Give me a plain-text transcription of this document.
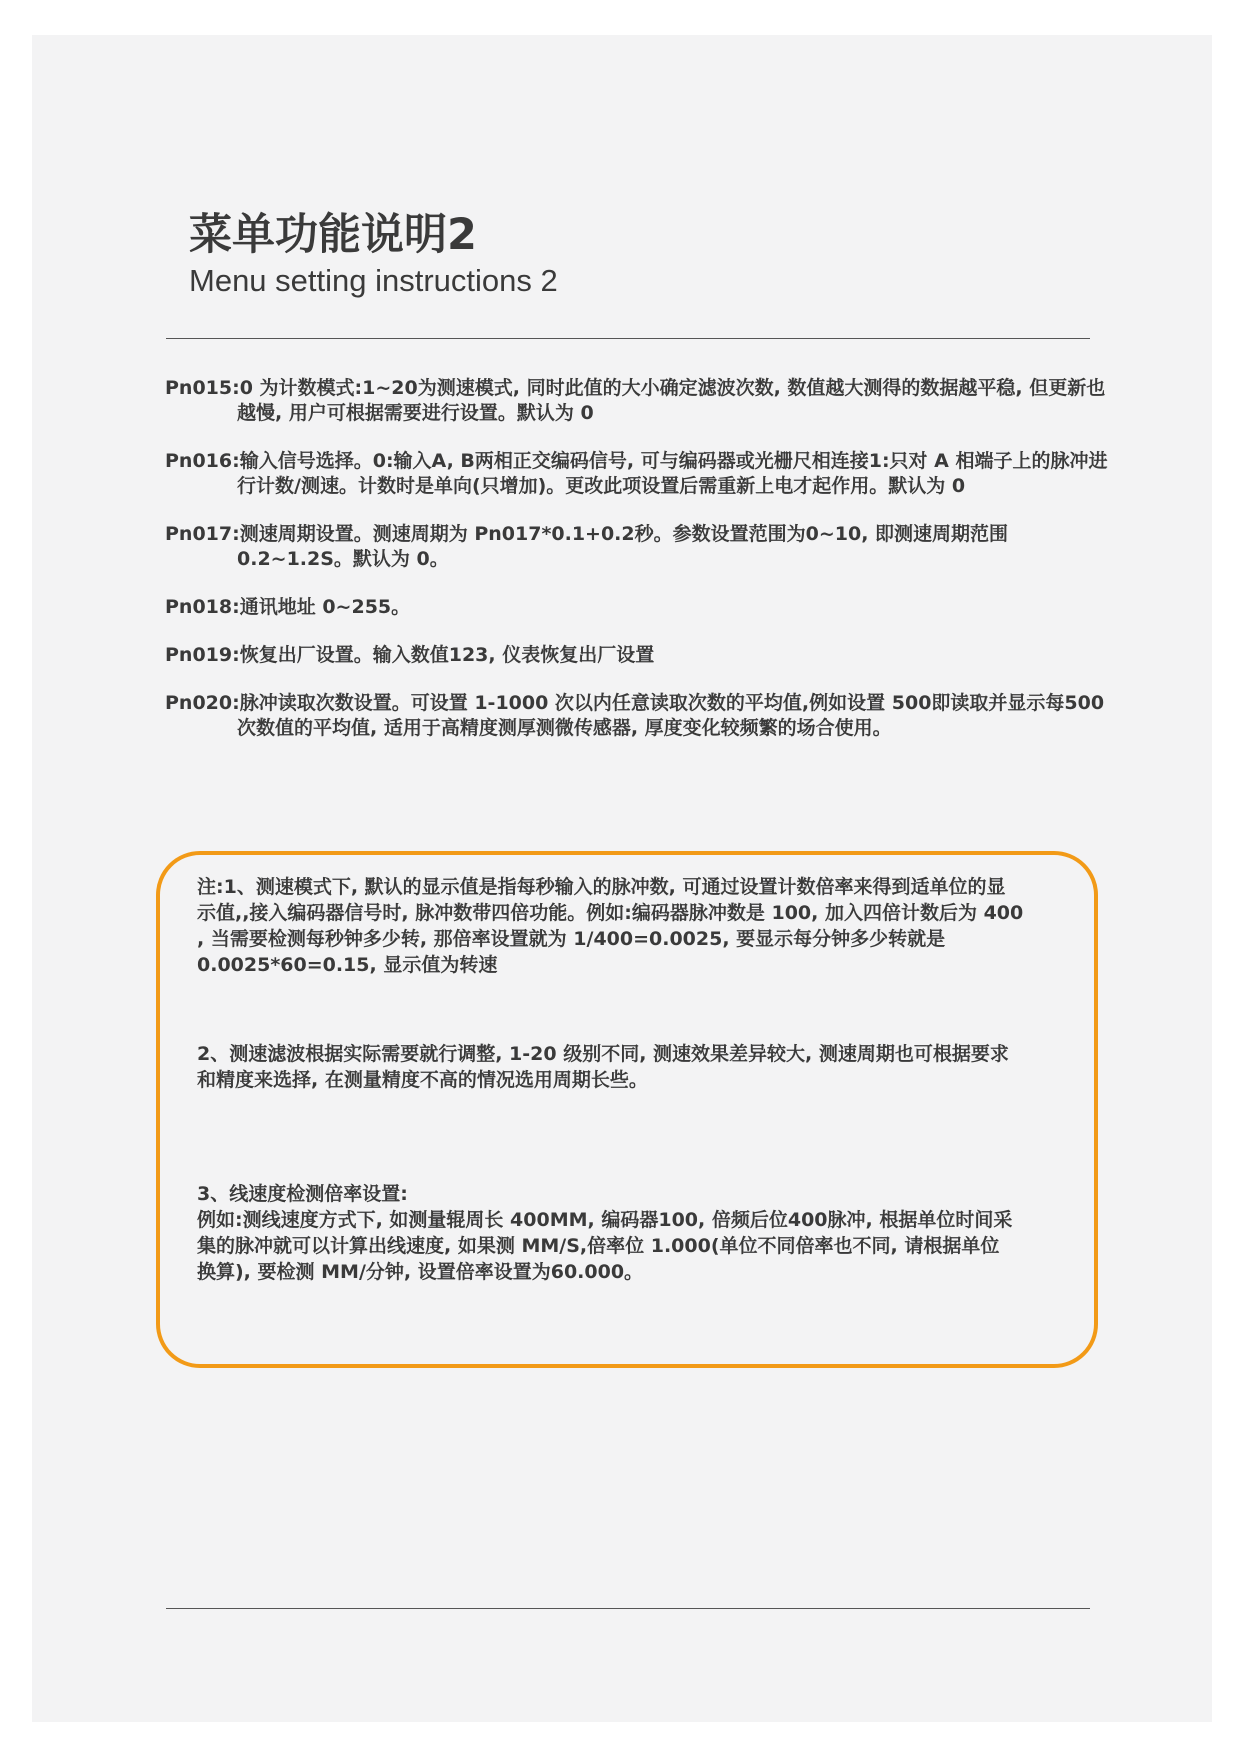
菜单功能说明2
Menu setting instructions 2
Pn015:0 为计数模式:1~20为测速模式, 同时此值的大小确定滤波次数, 数值越大测得的数据越平稳, 但更新也越慢, 用户可根据需要进行设置。默认为 0
Pn016:输入信号选择。0:输入A, B两相正交编码信号, 可与编码器或光栅尺相连接1:只对 A 相端子上的脉冲进行计数/测速。计数时是单向(只增加)。更改此项设置后需重新上电才起作用。默认为 0
Pn017:测速周期设置。测速周期为 Pn017*0.1+0.2秒。参数设置范围为0~10, 即测速周期范围 0.2~1.2S。默认为 0。
Pn018:通讯地址 0~255。
Pn019:恢复出厂设置。输入数值123, 仪表恢复出厂设置
Pn020:脉冲读取次数设置。可设置 1-1000 次以内任意读取次数的平均值,例如设置 500即读取并显示每500 次数值的平均值, 适用于高精度测厚测微传感器, 厚度变化较频繁的场合使用。
注:1、测速模式下, 默认的显示值是指每秒输入的脉冲数, 可通过设置计数倍率来得到适单位的显
示值,,接入编码器信号时, 脉冲数带四倍功能。例如:编码器脉冲数是 100, 加入四倍计数后为 400
, 当需要检测每秒钟多少转, 那倍率设置就为 1/400=0.0025, 要显示每分钟多少转就是
0.0025*60=0.15, 显示值为转速
2、测速滤波根据实际需要就行调整, 1-20 级别不同, 测速效果差异较大, 测速周期也可根据要求
和精度来选择, 在测量精度不高的情况选用周期长些。
3、线速度检测倍率设置:
例如:测线速度方式下, 如测量辊周长 400MM, 编码器100, 倍频后位400脉冲, 根据单位时间采
集的脉冲就可以计算出线速度, 如果测 MM/S,倍率位 1.000(单位不同倍率也不同, 请根据单位
换算), 要检测 MM/分钟, 设置倍率设置为60.000。
